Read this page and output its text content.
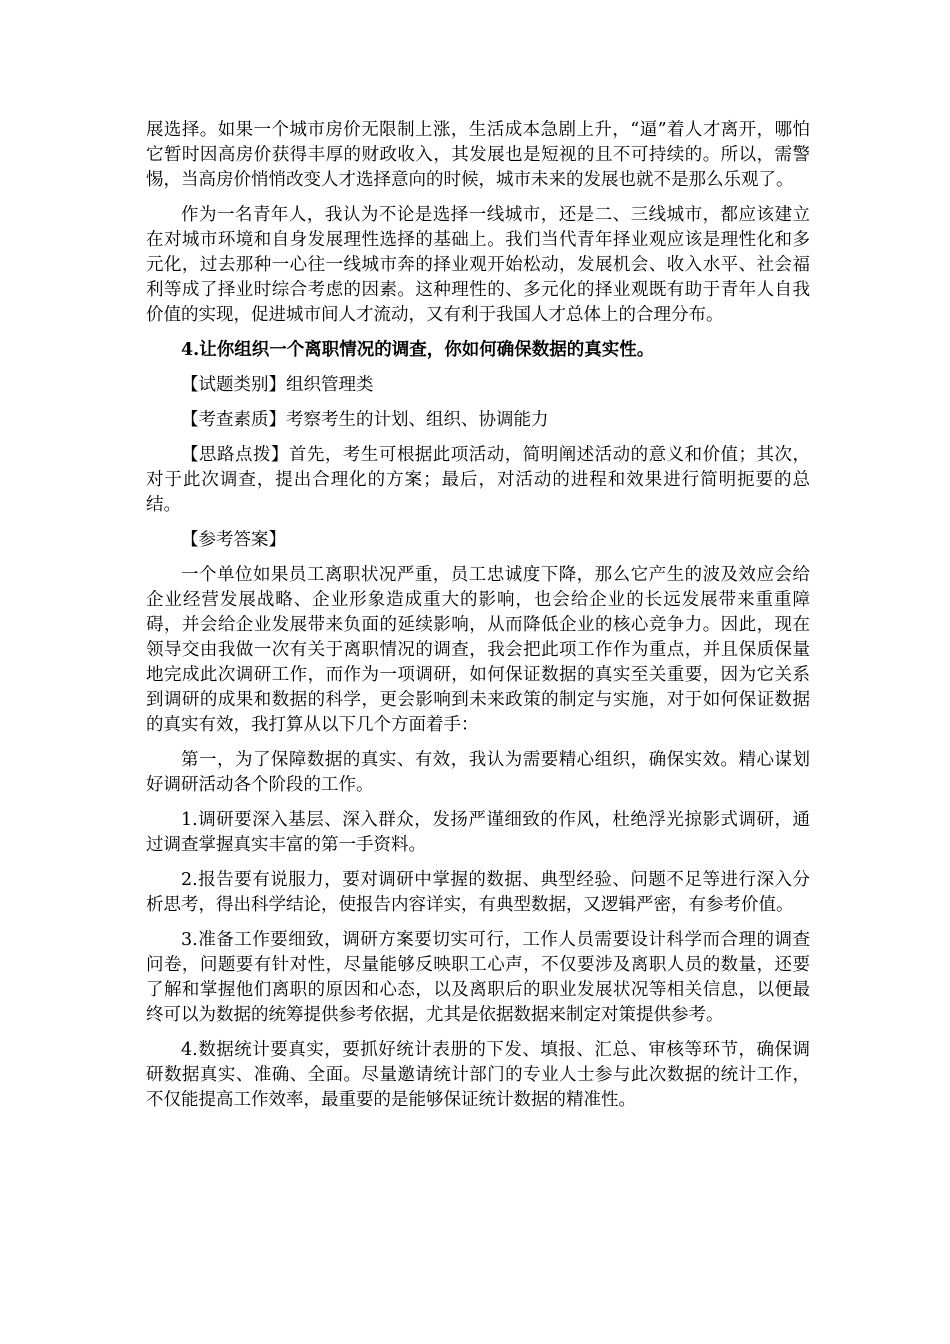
展选择。如果一个城市房价无限制上涨，生活成本急剧上升，“逼”着人才离开，哪怕它暂时因高房价获得丰厚的财政收入，其发展也是短视的且不可持续的。所以，需警惕，当高房价悄悄改变人才选择意向的时候，城市未来的发展也就不是那么乐观了。

作为一名青年人，我认为不论是选择一线城市，还是二、三线城市，都应该建立在对城市环境和自身发展理性选择的基础上。我们当代青年择业观应该是理性化和多元化，过去那种一心往一线城市奔的择业观开始松动，发展机会、收入水平、社会福利等成了择业时综合考虑的因素。这种理性的、多元化的择业观既有助于青年人自我价值的实现，促进城市间人才流动，又有利于我国人才总体上的合理分布。

4.让你组织一个离职情况的调查，你如何确保数据的真实性。

【试题类别】组织管理类

【考查素质】考察考生的计划、组织、协调能力

【思路点拨】首先，考生可根据此项活动，简明阐述活动的意义和价值；其次，对于此次调查，提出合理化的方案；最后，对活动的进程和效果进行简明扼要的总结。

【参考答案】

一个单位如果员工离职状况严重，员工忠诚度下降，那么它产生的波及效应会给企业经营发展战略、企业形象造成重大的影响，也会给企业的长远发展带来重重障碍，并会给企业发展带来负面的延续影响，从而降低企业的核心竞争力。因此，现在领导交由我做一次有关于离职情况的调查，我会把此项工作作为重点，并且保质保量地完成此次调研工作，而作为一项调研，如何保证数据的真实至关重要，因为它关系到调研的成果和数据的科学，更会影响到未来政策的制定与实施，对于如何保证数据的真实有效，我打算从以下几个方面着手：

第一，为了保障数据的真实、有效，我认为需要精心组织，确保实效。精心谋划好调研活动各个阶段的工作。

1.调研要深入基层、深入群众，发扬严谨细致的作风，杜绝浮光掠影式调研，通过调查掌握真实丰富的第一手资料。

2.报告要有说服力，要对调研中掌握的数据、典型经验、问题不足等进行深入分析思考，得出科学结论，使报告内容详实，有典型数据，又逻辑严密，有参考价值。

3.准备工作要细致，调研方案要切实可行，工作人员需要设计科学而合理的调查问卷，问题要有针对性，尽量能够反映职工心声，不仅要涉及离职人员的数量，还要了解和掌握他们离职的原因和心态，以及离职后的职业发展状况等相关信息，以便最终可以为数据的统筹提供参考依据，尤其是依据数据来制定对策提供参考。

4.数据统计要真实，要抓好统计表册的下发、填报、汇总、审核等环节，确保调研数据真实、准确、全面。尽量邀请统计部门的专业人士参与此次数据的统计工作，不仅能提高工作效率，最重要的是能够保证统计数据的精准性。
